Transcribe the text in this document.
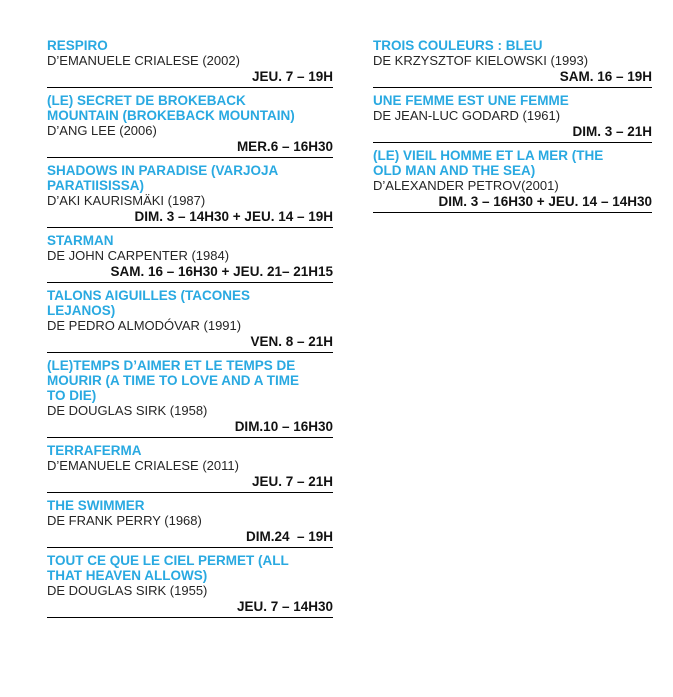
RESPIRO

D’EMANUELE CRIALESE (2002)

JEU. 7 – 19H

(LE) SECRET DE BROKEBACK
MOUNTAIN (BROKEBACK MOUNTAIN)

D’ANG LEE (2006)

MER.6 – 16H30

SHADOWS IN PARADISE (VARJOJA
PARATIISISSA)

D’AKI KAURISMÄKI (1987)

DIM. 3 – 14H30 + JEU. 14 – 19H

STARMAN

DE JOHN CARPENTER (1984)

SAM. 16 – 16H30 + JEU. 21– 21H15

TALONS AIGUILLES (TACONES
LEJANOS)

DE PEDRO ALMODÓVAR (1991)

VEN. 8 – 21H

(LE)TEMPS D’AIMER ET LE TEMPS DE
MOURIR (A TIME TO LOVE AND A TIME
TO DIE)

DE DOUGLAS SIRK (1958)

DIM.10 – 16H30

TERRAFERMA

D’EMANUELE CRIALESE (2011)

JEU. 7 – 21H

THE SWIMMER

DE FRANK PERRY (1968)

DIM.24  – 19H

TOUT CE QUE LE CIEL PERMET (ALL
THAT HEAVEN ALLOWS)

DE DOUGLAS SIRK (1955)

JEU. 7 – 14H30

TROIS COULEURS : BLEU

DE KRZYSZTOF KIELOWSKI (1993)

SAM. 16 – 19H

UNE FEMME EST UNE FEMME

DE JEAN-LUC GODARD (1961)

DIM. 3 – 21H

(LE) VIEIL HOMME ET LA MER (THE
OLD MAN AND THE SEA)

D’ALEXANDER PETROV(2001)

DIM. 3 – 16H30 + JEU. 14 – 14H30
